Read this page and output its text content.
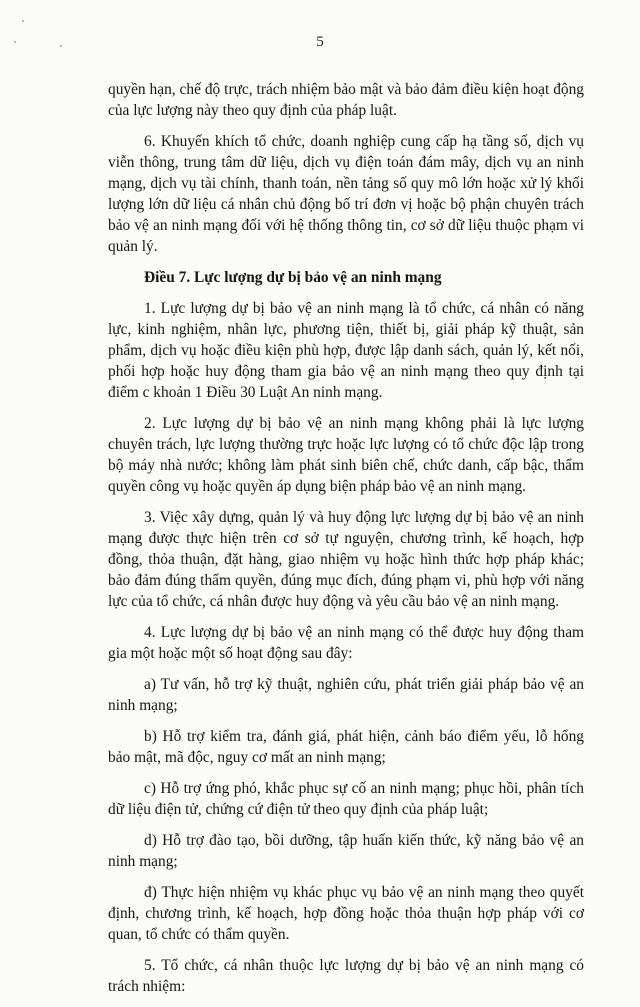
5

quyền hạn, chế độ trực, trách nhiệm bảo mật và bảo đảm điều kiện hoạt động của lực lượng này theo quy định của pháp luật.

6. Khuyến khích tổ chức, doanh nghiệp cung cấp hạ tầng số, dịch vụ viễn thông, trung tâm dữ liệu, dịch vụ điện toán đám mây, dịch vụ an ninh mạng, dịch vụ tài chính, thanh toán, nền tảng số quy mô lớn hoặc xử lý khối lượng lớn dữ liệu cá nhân chủ động bố trí đơn vị hoặc bộ phận chuyên trách bảo vệ an ninh mạng đối với hệ thống thông tin, cơ sở dữ liệu thuộc phạm vi quản lý.

Điều 7. Lực lượng dự bị bảo vệ an ninh mạng

1. Lực lượng dự bị bảo vệ an ninh mạng là tổ chức, cá nhân có năng lực, kinh nghiệm, nhân lực, phương tiện, thiết bị, giải pháp kỹ thuật, sản phẩm, dịch vụ hoặc điều kiện phù hợp, được lập danh sách, quản lý, kết nối, phối hợp hoặc huy động tham gia bảo vệ an ninh mạng theo quy định tại điểm c khoản 1 Điều 30 Luật An ninh mạng.

2. Lực lượng dự bị bảo vệ an ninh mạng không phải là lực lượng chuyên trách, lực lượng thường trực hoặc lực lượng có tổ chức độc lập trong bộ máy nhà nước; không làm phát sinh biên chế, chức danh, cấp bậc, thẩm quyền công vụ hoặc quyền áp dụng biện pháp bảo vệ an ninh mạng.

3. Việc xây dựng, quản lý và huy động lực lượng dự bị bảo vệ an ninh mạng được thực hiện trên cơ sở tự nguyện, chương trình, kế hoạch, hợp đồng, thỏa thuận, đặt hàng, giao nhiệm vụ hoặc hình thức hợp pháp khác; bảo đảm đúng thẩm quyền, đúng mục đích, đúng phạm vi, phù hợp với năng lực của tổ chức, cá nhân được huy động và yêu cầu bảo vệ an ninh mạng.

4. Lực lượng dự bị bảo vệ an ninh mạng có thể được huy động tham gia một hoặc một số hoạt động sau đây:

a) Tư vấn, hỗ trợ kỹ thuật, nghiên cứu, phát triển giải pháp bảo vệ an ninh mạng;

b) Hỗ trợ kiểm tra, đánh giá, phát hiện, cảnh báo điểm yếu, lỗ hổng bảo mật, mã độc, nguy cơ mất an ninh mạng;

c) Hỗ trợ ứng phó, khắc phục sự cố an ninh mạng; phục hồi, phân tích dữ liệu điện tử, chứng cứ điện tử theo quy định của pháp luật;

d) Hỗ trợ đào tạo, bồi dưỡng, tập huấn kiến thức, kỹ năng bảo vệ an ninh mạng;

đ) Thực hiện nhiệm vụ khác phục vụ bảo vệ an ninh mạng theo quyết định, chương trình, kế hoạch, hợp đồng hoặc thỏa thuận hợp pháp với cơ quan, tổ chức có thẩm quyền.

5. Tổ chức, cá nhân thuộc lực lượng dự bị bảo vệ an ninh mạng có trách nhiệm:
